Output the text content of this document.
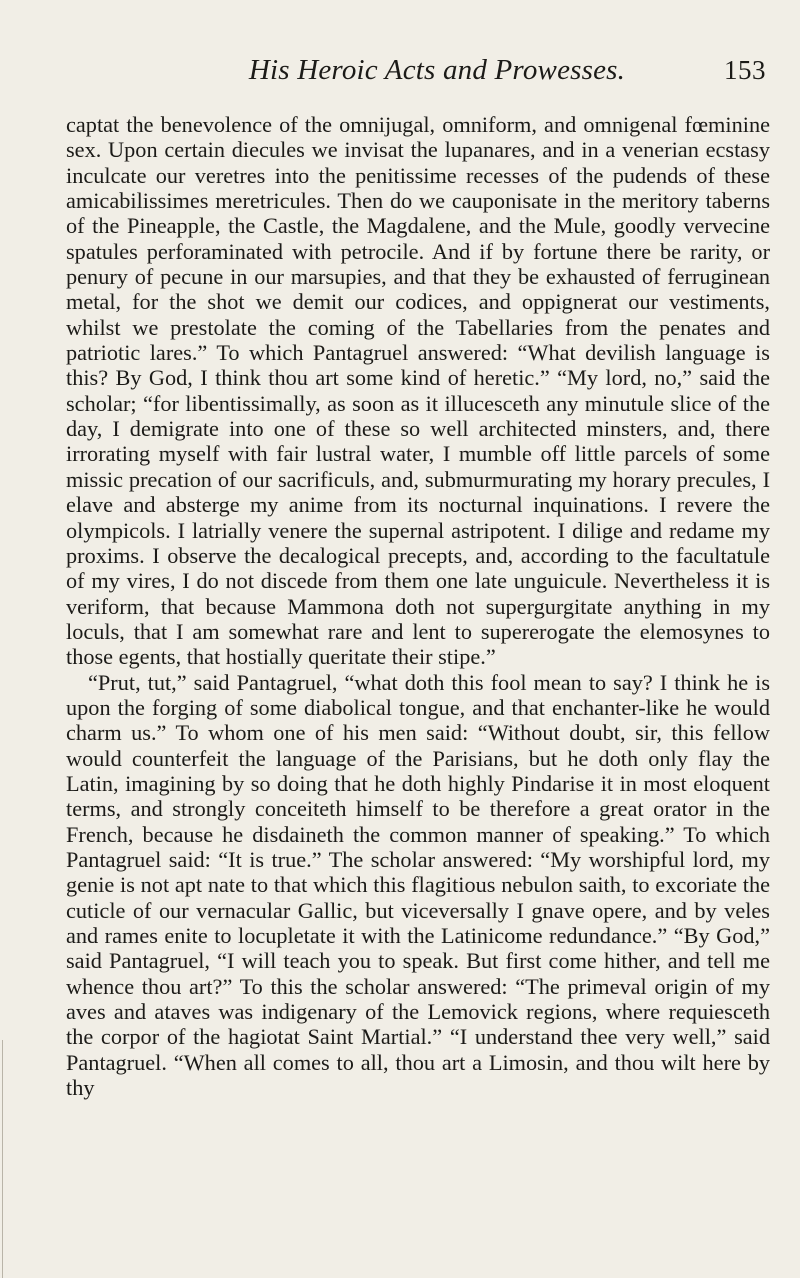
His Heroic Acts and Prowesses.	153

captat the benevolence of the omnijugal, omniform, and omnigenal fœminine sex. Upon certain diecules we invisat the lupanares, and in a venerian ecstasy inculcate our veretres into the penitissime recesses of the pudends of these amicabilissimes meretricules. Then do we cauponisate in the meritory taberns of the Pineapple, the Castle, the Magdalene, and the Mule, goodly vervecine spatules perforaminated with petrocile. And if by fortune there be rarity, or penury of pecune in our marsupies, and that they be exhausted of ferruginean metal, for the shot we demit our codices, and oppignerat our vestiments, whilst we prestolate the coming of the Tabellaries from the penates and patriotic lares.” To which Pantagruel answered: “What devilish language is this? By God, I think thou art some kind of heretic.” “My lord, no,” said the scholar; “for libentissimally, as soon as it illucesceth any minutule slice of the day, I demigrate into one of these so well architected minsters, and, there irrorating myself with fair lustral water, I mumble off little parcels of some missic precation of our sacrificuls, and, submurmurating my horary precules, I elave and absterge my anime from its nocturnal inquinations. I revere the olympicols. I latrially venere the supernal astripotent. I dilige and redame my proxims. I observe the decalogical precepts, and, according to the facultatule of my vires, I do not discede from them one late unguicule. Nevertheless it is veriform, that because Mammona doth not supergurgitate anything in my loculs, that I am somewhat rare and lent to supererogate the elemosynes to those egents, that hostially queritate their stipe.”

“Prut, tut,” said Pantagruel, “what doth this fool mean to say? I think he is upon the forging of some diabolical tongue, and that enchanter-like he would charm us.” To whom one of his men said: “Without doubt, sir, this fellow would counterfeit the language of the Parisians, but he doth only flay the Latin, imagining by so doing that he doth highly Pindarise it in most eloquent terms, and strongly conceiteth himself to be therefore a great orator in the French, because he disdaineth the common manner of speaking.” To which Pantagruel said: “It is true.” The scholar answered: “My worshipful lord, my genie is not apt nate to that which this flagitious nebulon saith, to excoriate the cuticle of our vernacular Gallic, but viceversally I gnave opere, and by veles and rames enite to locupletate it with the Latinicome redundance.” “By God,” said Pantagruel, “I will teach you to speak. But first come hither, and tell me whence thou art?” To this the scholar answered: “The primeval origin of my aves and ataves was indigenary of the Lemovick regions, where requiesceth the corpor of the hagiotat Saint Martial.” “I understand thee very well,” said Pantagruel. “When all comes to all, thou art a Limosin, and thou wilt here by thy
